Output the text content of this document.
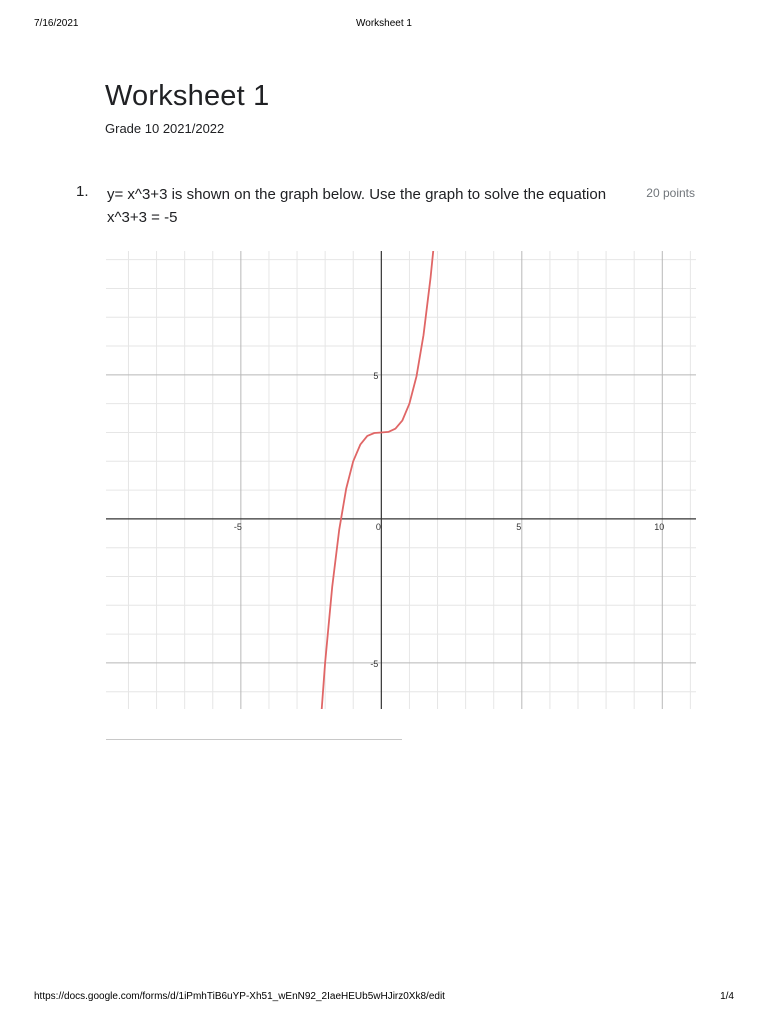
7/16/2021	Worksheet 1
Worksheet 1
Grade 10 2021/2022
1. y= x^3+3 is shown on the graph below. Use the graph to solve the equation x^3+3 = -5
20 points
-5	0	5	10
5
-5
https://docs.google.com/forms/d/1iPmhTiB6uYP-Xh51_wEnN92_2IaeHEUb5wHJirz0Xk8/edit	1/4
